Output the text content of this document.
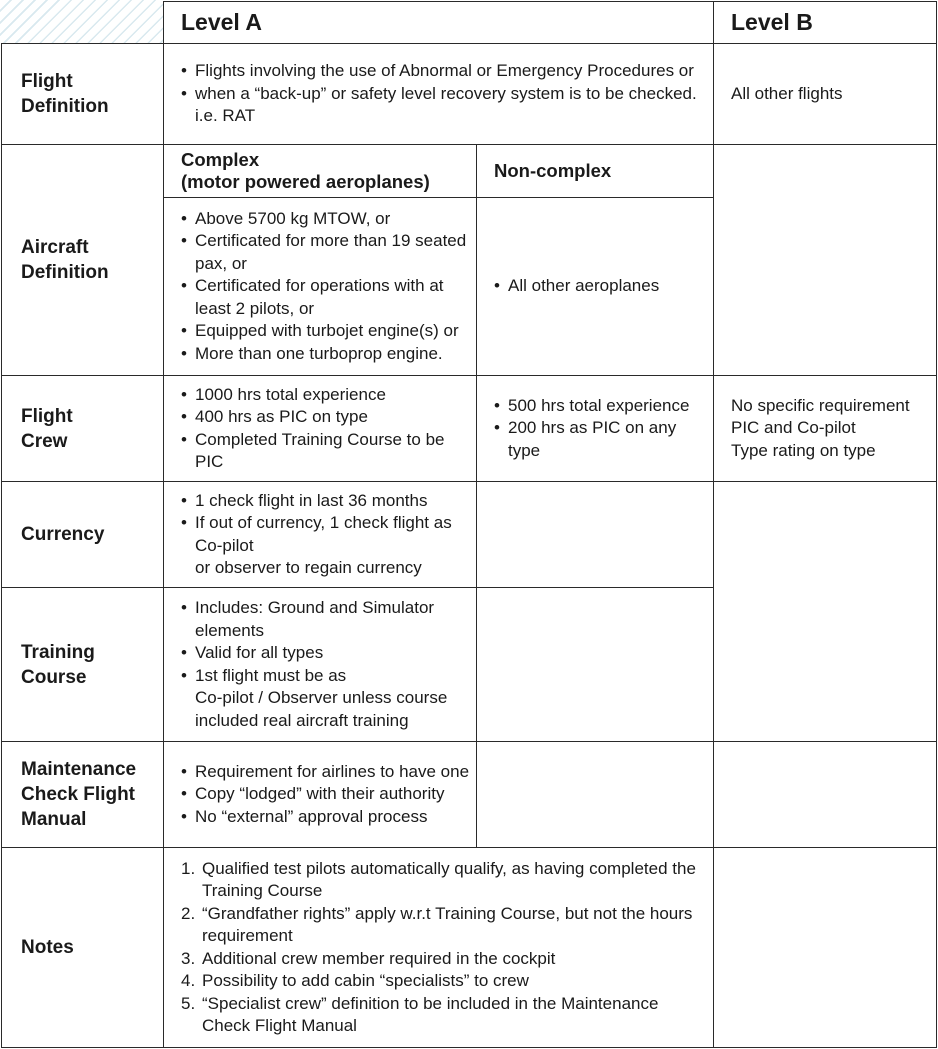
Level A	Level B
Flight
Definition
• Flights involving the use of Abnormal or Emergency Procedures or
• when a “back-up” or safety level recovery system is to be checked. i.e. RAT
All other flights
Aircraft
Definition
Complex
(motor powered aeroplanes)
Non-complex
• Above 5700 kg MTOW, or
• Certificated for more than 19 seated pax, or
• Certificated for operations with at least 2 pilots, or
• Equipped with turbojet engine(s) or
• More than one turboprop engine.
• All other aeroplanes
Flight
Crew
• 1000 hrs total experience
• 400 hrs as PIC on type
• Completed Training Course to be PIC
• 500 hrs total experience
• 200 hrs as PIC on any type
No specific requirement
PIC and Co-pilot
Type rating on type
Currency
• 1 check flight in last 36 months
• If out of currency, 1 check flight as Co-pilot
or observer to regain currency
Training
Course
• Includes: Ground and Simulator elements
• Valid for all types
• 1st flight must be as
Co-pilot / Observer unless course included real aircraft training
Maintenance
Check Flight
Manual
• Requirement for airlines to have one
• Copy “lodged” with their authority
• No “external” approval process
Notes
1. Qualified test pilots automatically qualify, as having completed the Training Course
2. “Grandfather rights” apply w.r.t Training Course, but not the hours requirement
3. Additional crew member required in the cockpit
4. Possibility to add cabin “specialists” to crew
5. “Specialist crew” definition to be included in the Maintenance Check Flight Manual
